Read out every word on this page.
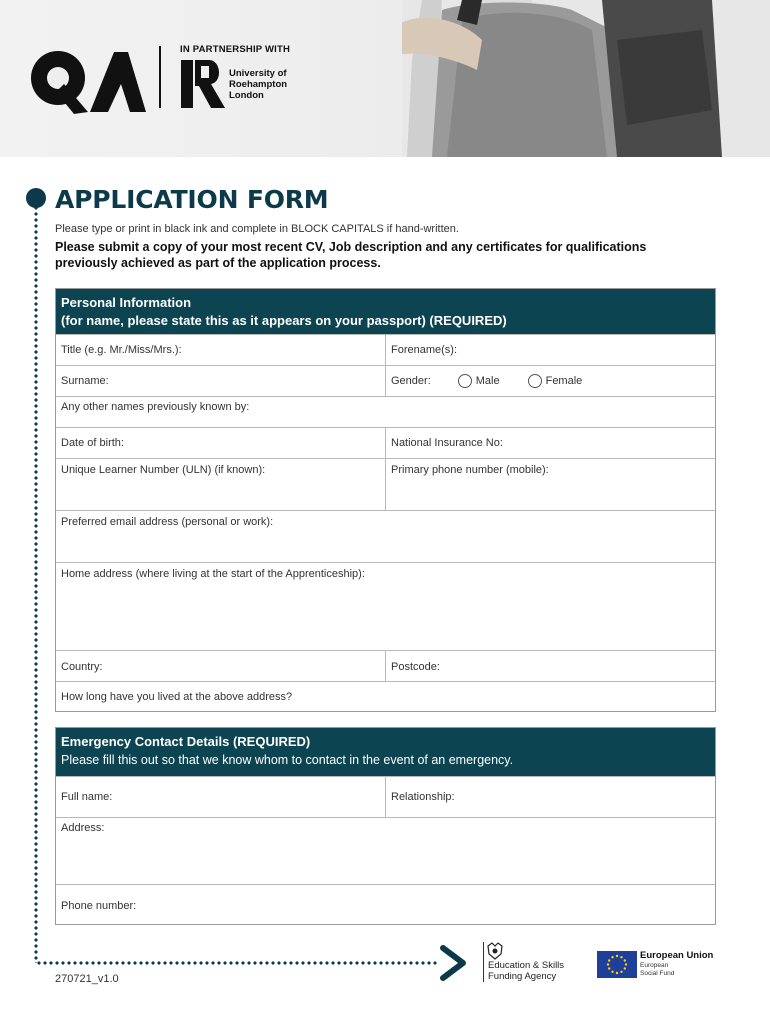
IN PARTNERSHIP WITH
University of
Roehampton
London
APPLICATION FORM
Please type or print in black ink and complete in BLOCK CAPITALS if hand-written.
Please submit a copy of your most recent CV, Job description and any certificates for qualifications previously achieved as part of the application process.
Personal Information
(for name, please state this as it appears on your passport) (REQUIRED)
Title (e.g. Mr./Miss/Mrs.):	Forename(s):
Surname:	Gender:	Male	Female
Any other names previously known by:
Date of birth:	National Insurance No:
Unique Learner Number (ULN) (if known):	Primary phone number (mobile):
Preferred email address (personal or work):
Home address (where living at the start of the Apprenticeship):
Country:	Postcode:
How long have you lived at the above address?
Emergency Contact Details (REQUIRED)
Please fill this out so that we know whom to contact in the event of an emergency.
Full name:	Relationship:
Address:
Phone number:
270721_v1.0
Education & Skills
Funding Agency
European Union
European
Social Fund
